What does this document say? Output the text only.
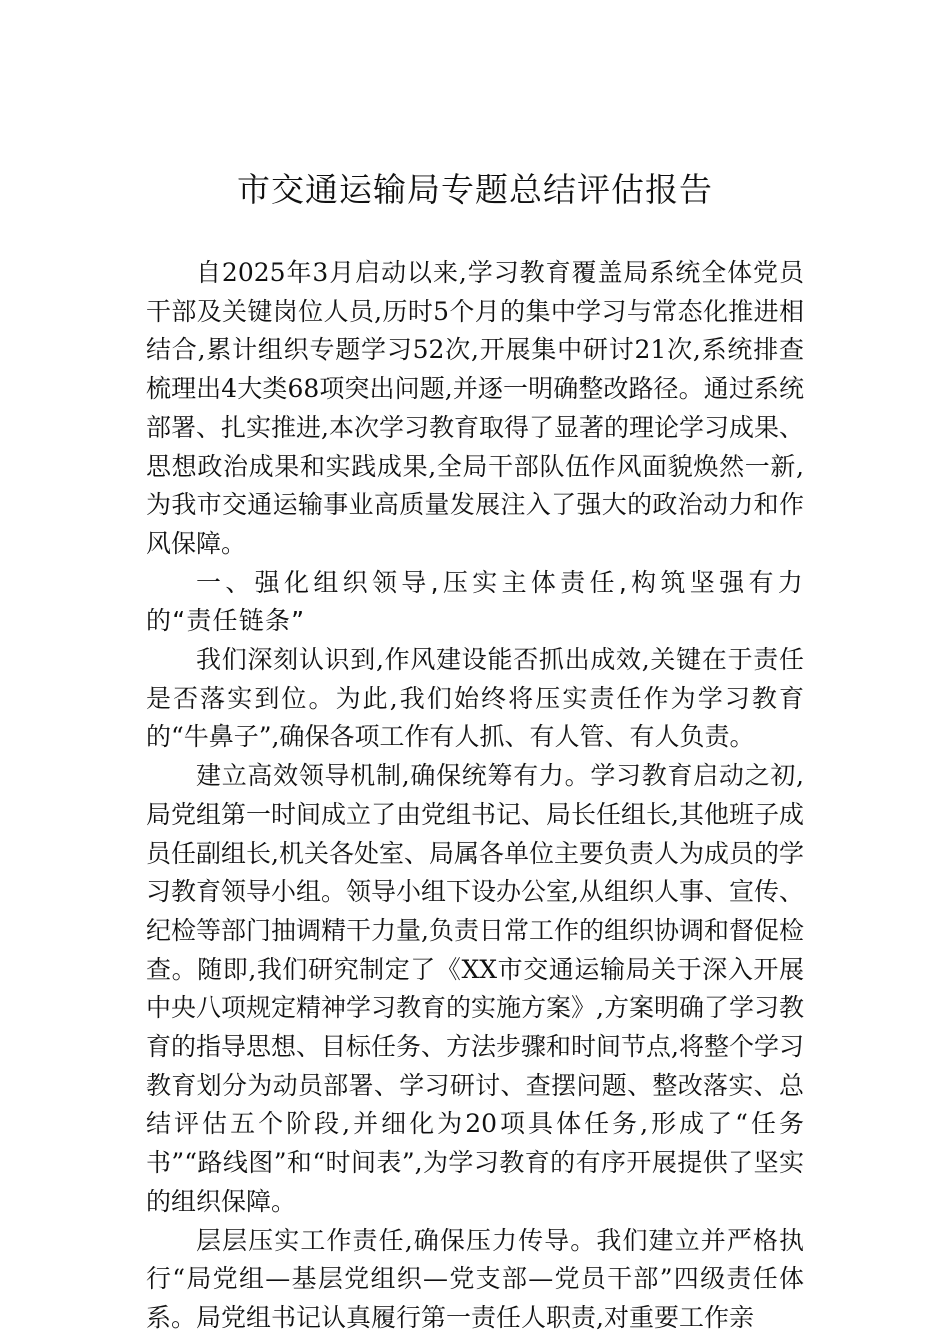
市交通运输局专题总结评估报告

自2025年3月启动以来,学习教育覆盖局系统全体党员干部及关键岗位人员,历时5个月的集中学习与常态化推进相结合,累计组织专题学习52次,开展集中研讨21次,系统排查梳理出4大类68项突出问题,并逐一明确整改路径。通过系统部署、扎实推进,本次学习教育取得了显著的理论学习成果、思想政治成果和实践成果,全局干部队伍作风面貌焕然一新,为我市交通运输事业高质量发展注入了强大的政治动力和作风保障。

一、强化组织领导,压实主体责任,构筑坚强有力的“责任链条”

我们深刻认识到,作风建设能否抓出成效,关键在于责任是否落实到位。为此,我们始终将压实责任作为学习教育的“牛鼻子”,确保各项工作有人抓、有人管、有人负责。

建立高效领导机制,确保统筹有力。学习教育启动之初,局党组第一时间成立了由党组书记、局长任组长,其他班子成员任副组长,机关各处室、局属各单位主要负责人为成员的学习教育领导小组。领导小组下设办公室,从组织人事、宣传、纪检等部门抽调精干力量,负责日常工作的组织协调和督促检查。随即,我们研究制定了《XX市交通运输局关于深入开展中央八项规定精神学习教育的实施方案》,方案明确了学习教育的指导思想、目标任务、方法步骤和时间节点,将整个学习教育划分为动员部署、学习研讨、查摆问题、整改落实、总结评估五个阶段,并细化为20项具体任务,形成了“任务书”“路线图”和“时间表”,为学习教育的有序开展提供了坚实的组织保障。

层层压实工作责任,确保压力传导。我们建立并严格执行“局党组—基层党组织—党支部—党员干部”四级责任体系。局党组书记认真履行第一责任人职责,对重要工作亲
